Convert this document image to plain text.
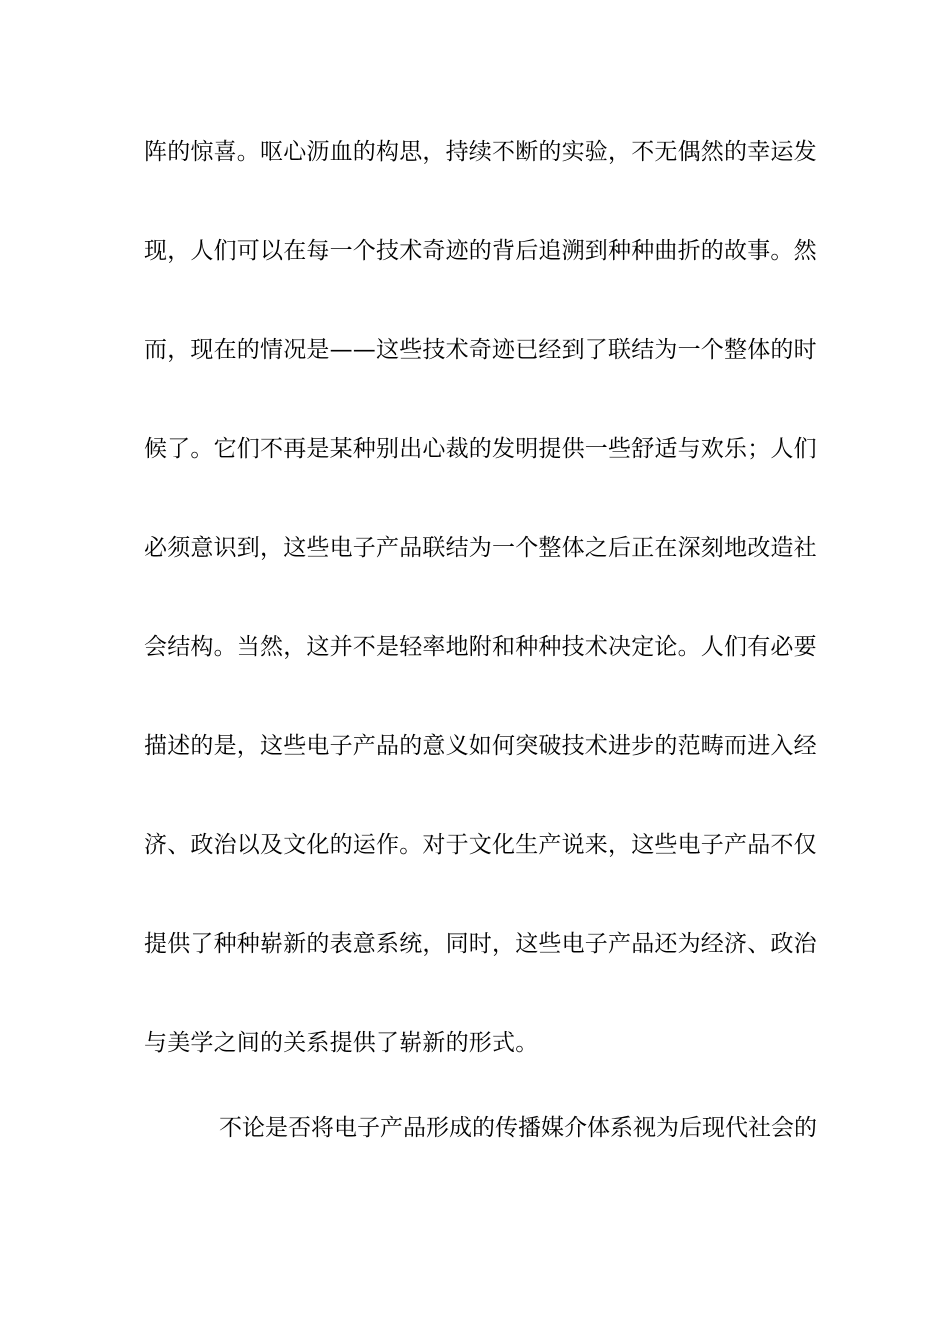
阵的惊喜。呕心沥血的构思，持续不断的实验，不无偶然的幸运发
现，人们可以在每一个技术奇迹的背后追溯到种种曲折的故事。然
而，现在的情况是——这些技术奇迹已经到了联结为一个整体的时
候了。它们不再是某种别出心裁的发明提供一些舒适与欢乐；人们
必须意识到，这些电子产品联结为一个整体之后正在深刻地改造社
会结构。当然，这并不是轻率地附和种种技术决定论。人们有必要
描述的是，这些电子产品的意义如何突破技术进步的范畴而进入经
济、政治以及文化的运作。对于文化生产说来，这些电子产品不仅
提供了种种崭新的表意系统，同时，这些电子产品还为经济、政治
与美学之间的关系提供了崭新的形式。
不论是否将电子产品形成的传播媒介体系视为后现代社会的
